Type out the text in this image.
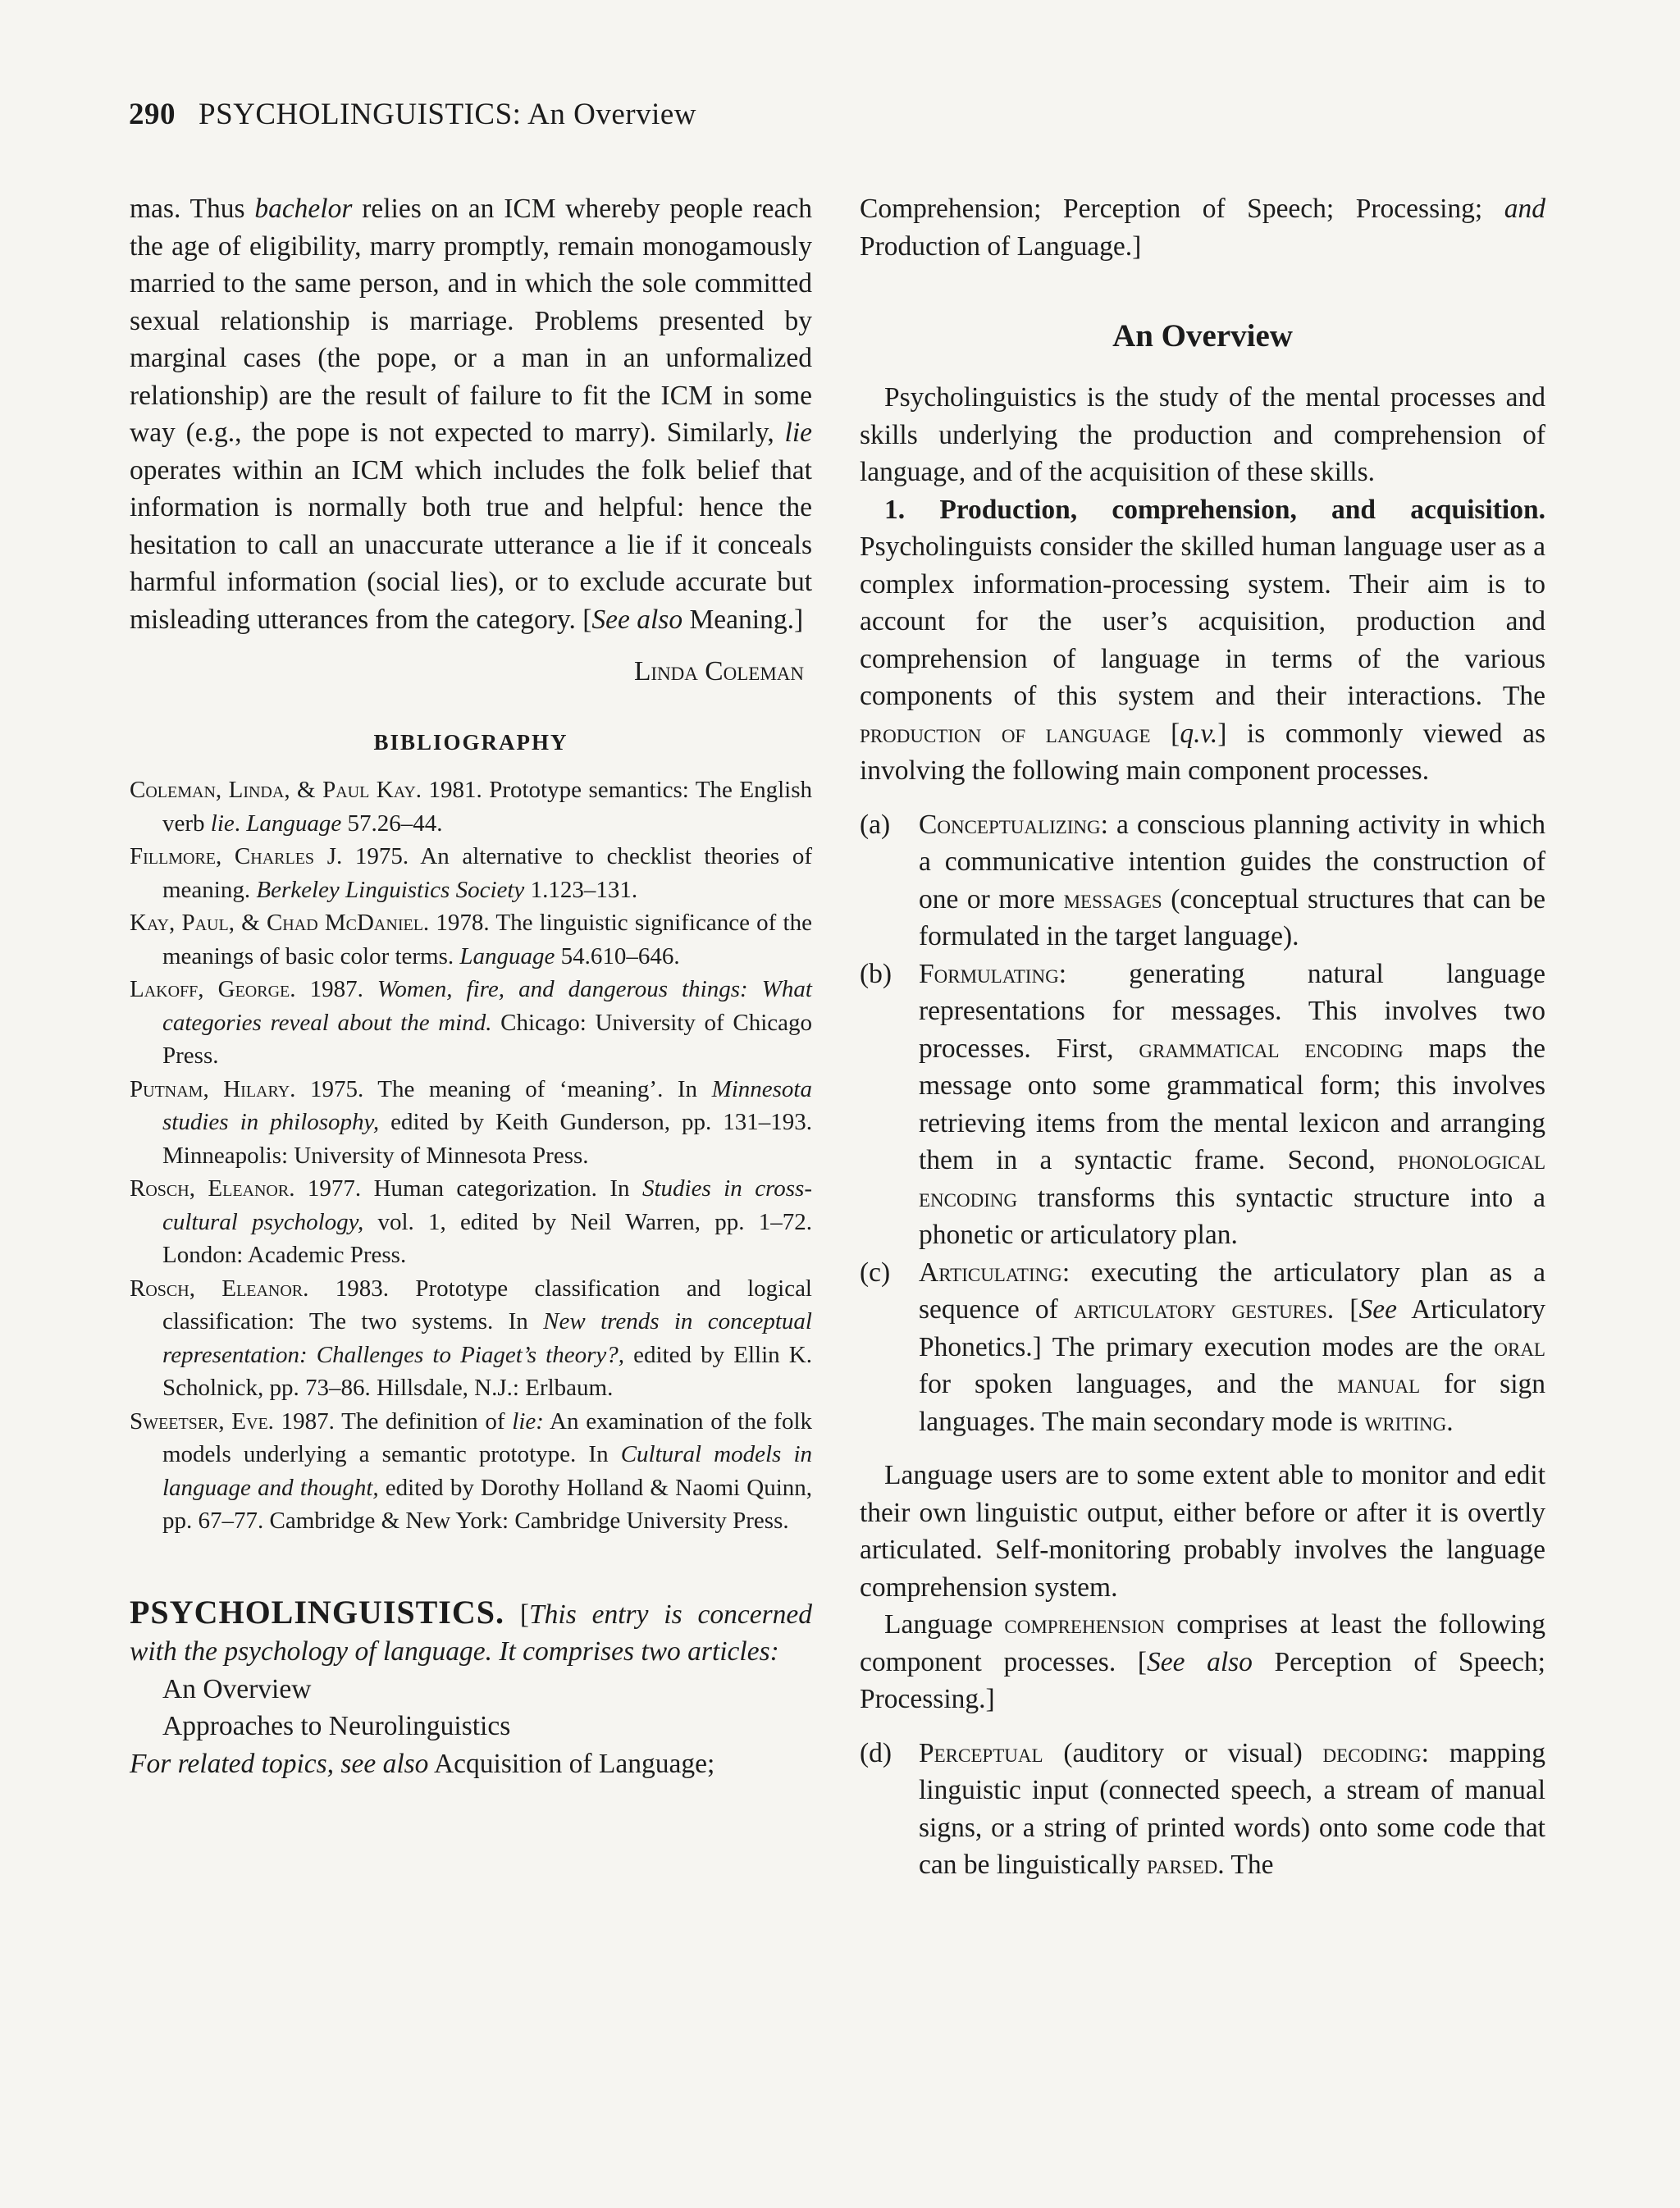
290 PSYCHOLINGUISTICS: An Overview

mas. Thus bachelor relies on an ICM whereby people reach the age of eligibility, marry promptly, remain monogamously married to the same person, and in which the sole committed sexual relationship is marriage. Problems presented by marginal cases (the pope, or a man in an unformalized relationship) are the result of failure to fit the ICM in some way (e.g., the pope is not expected to marry). Similarly, lie operates within an ICM which includes the folk belief that information is normally both true and helpful: hence the hesitation to call an unaccurate utterance a lie if it conceals harmful information (social lies), or to exclude accurate but misleading utterances from the category. [See also Meaning.]

Linda Coleman
BIBLIOGRAPHY
Coleman, Linda, & Paul Kay. 1981. Prototype semantics: The English verb lie. Language 57.26–44.
Fillmore, Charles J. 1975. An alternative to checklist theories of meaning. Berkeley Linguistics Society 1.123–131.
Kay, Paul, & Chad McDaniel. 1978. The linguistic significance of the meanings of basic color terms. Language 54.610–646.
Lakoff, George. 1987. Women, fire, and dangerous things: What categories reveal about the mind. Chicago: University of Chicago Press.
Putnam, Hilary. 1975. The meaning of ‘meaning’. In Minnesota studies in philosophy, edited by Keith Gunderson, pp. 131–193. Minneapolis: University of Minnesota Press.
Rosch, Eleanor. 1977. Human categorization. In Studies in cross-cultural psychology, vol. 1, edited by Neil Warren, pp. 1–72. London: Academic Press.
Rosch, Eleanor. 1983. Prototype classification and logical classification: The two systems. In New trends in conceptual representation: Challenges to Piaget’s theory?, edited by Ellin K. Scholnick, pp. 73–86. Hillsdale, N.J.: Erlbaum.
Sweetser, Eve. 1987. The definition of lie: An examination of the folk models underlying a semantic prototype. In Cultural models in language and thought, edited by Dorothy Holland & Naomi Quinn, pp. 67–77. Cambridge & New York: Cambridge University Press.
PSYCHOLINGUISTICS. [This entry is concerned with the psychology of language. It comprises two articles:
An Overview
Approaches to Neurolinguistics
For related topics, see also Acquisition of Language;

Comprehension; Perception of Speech; Processing; and Production of Language.]

An Overview

Psycholinguistics is the study of the mental processes and skills underlying the production and comprehension of language, and of the acquisition of these skills.

1. Production, comprehension, and acquisition. Psycholinguists consider the skilled human language user as a complex information-processing system. Their aim is to account for the user’s acquisition, production and comprehension of language in terms of the various components of this system and their interactions. The production of language [q.v.] is commonly viewed as involving the following main component processes.

(a)	Conceptualizing: a conscious planning activity in which a communicative intention guides the construction of one or more messages (conceptual structures that can be formulated in the target language).
(b) Formulating: generating natural language representations for messages. This involves two processes. First, grammatical encoding maps the message onto some grammatical form; this involves retrieving items from the mental lexicon and arranging them in a syntactic frame. Second, phonological encoding transforms this syntactic structure into a phonetic or articulatory plan.
(c)	Articulating: executing the articulatory plan as a sequence of articulatory gestures. [See Articulatory Phonetics.] The primary execution modes are the oral for spoken languages, and the manual for sign languages. The main secondary mode is writing.

Language users are to some extent able to monitor and edit their own linguistic output, either before or after it is overtly articulated. Self-monitoring probably involves the language comprehension system.

Language comprehension comprises at least the following component processes. [See also Perception of Speech; Processing.]

(d) Perceptual (auditory or visual) decoding: mapping linguistic input (connected speech, a stream of manual signs, or a string of printed words) onto some code that can be linguistically parsed. The
